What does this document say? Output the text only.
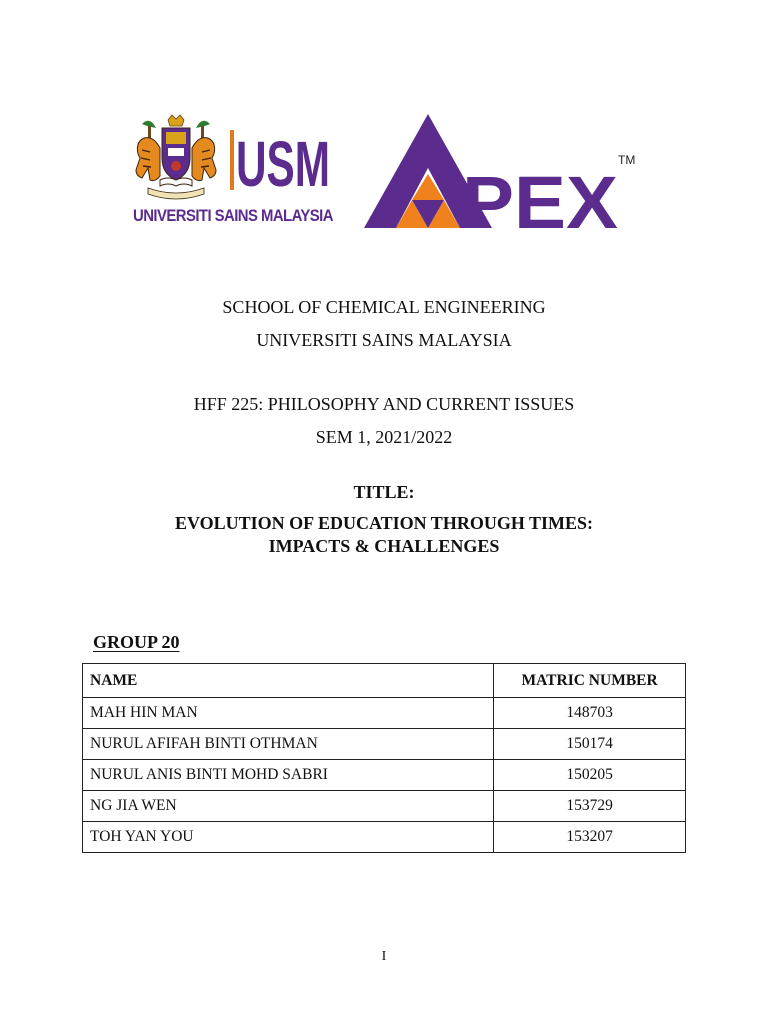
USM
UNIVERSITI SAINS MALAYSIA PEX
TM
SCHOOL OF CHEMICAL ENGINEERING
UNIVERSITI SAINS MALAYSIA
HFF 225: PHILOSOPHY AND CURRENT ISSUES
SEM 1, 2021/2022
TITLE:
EVOLUTION OF EDUCATION THROUGH TIMES:
IMPACTS & CHALLENGES
GROUP 20
NAME	MATRIC NUMBER
MAH HIN MAN	148703
NURUL AFIFAH BINTI OTHMAN	150174
NURUL ANIS BINTI MOHD SABRI	150205
NG JIA WEN	153729
TOH YAN YOU	153207
I
